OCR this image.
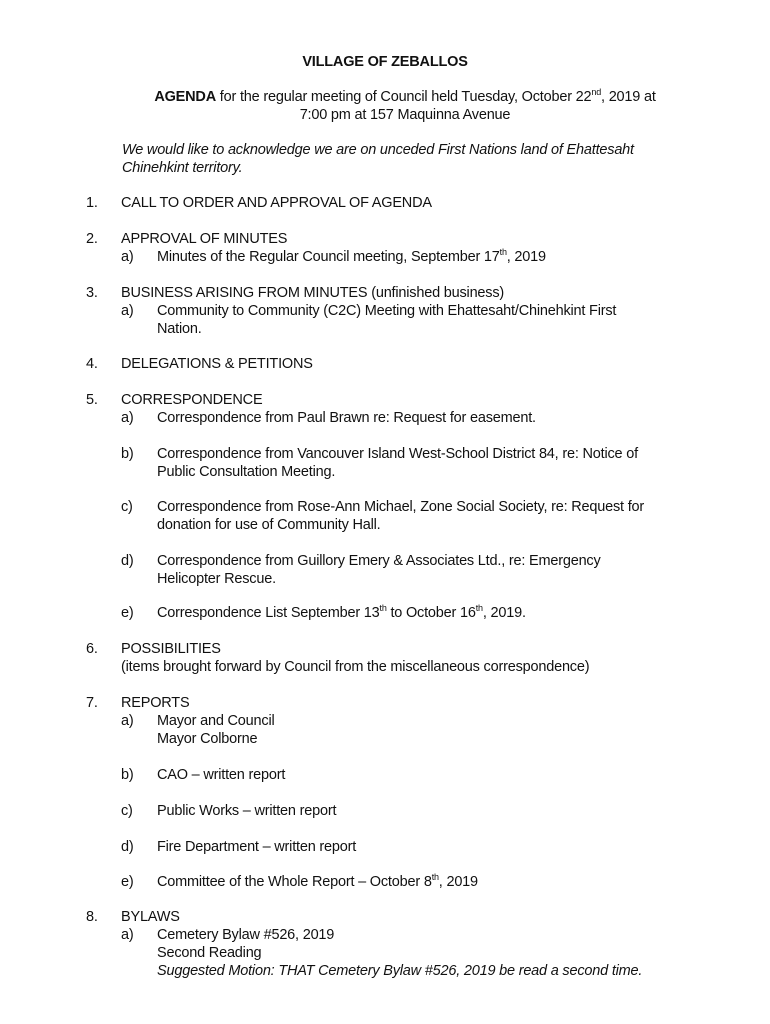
VILLAGE OF ZEBALLOS
AGENDA for the regular meeting of Council held Tuesday, October 22nd, 2019 at
7:00 pm at 157 Maquinna Avenue
We would like to acknowledge we are on unceded First Nations land of Ehattesaht
Chinehkint territory.
1. CALL TO ORDER AND APPROVAL OF AGENDA
2. APPROVAL OF MINUTES
a) Minutes of the Regular Council meeting, September 17th, 2019
3. BUSINESS ARISING FROM MINUTES (unfinished business)
a) Community to Community (C2C) Meeting with Ehattesaht/Chinehkint First
Nation.
4. DELEGATIONS & PETITIONS
5. CORRESPONDENCE
a) Correspondence from Paul Brawn re: Request for easement.
b) Correspondence from Vancouver Island West-School District 84, re: Notice of
Public Consultation Meeting.
c) Correspondence from Rose-Ann Michael, Zone Social Society, re: Request for
donation for use of Community Hall.
d) Correspondence from Guillory Emery & Associates Ltd., re: Emergency
Helicopter Rescue.
e) Correspondence List September 13th to October 16th, 2019.
6. POSSIBILITIES
(items brought forward by Council from the miscellaneous correspondence)
7. REPORTS
a) Mayor and Council
Mayor Colborne
b) CAO – written report
c) Public Works – written report
d) Fire Department – written report
e) Committee of the Whole Report – October 8th, 2019
8. BYLAWS
a) Cemetery Bylaw #526, 2019
Second Reading
Suggested Motion: THAT Cemetery Bylaw #526, 2019 be read a second time.
